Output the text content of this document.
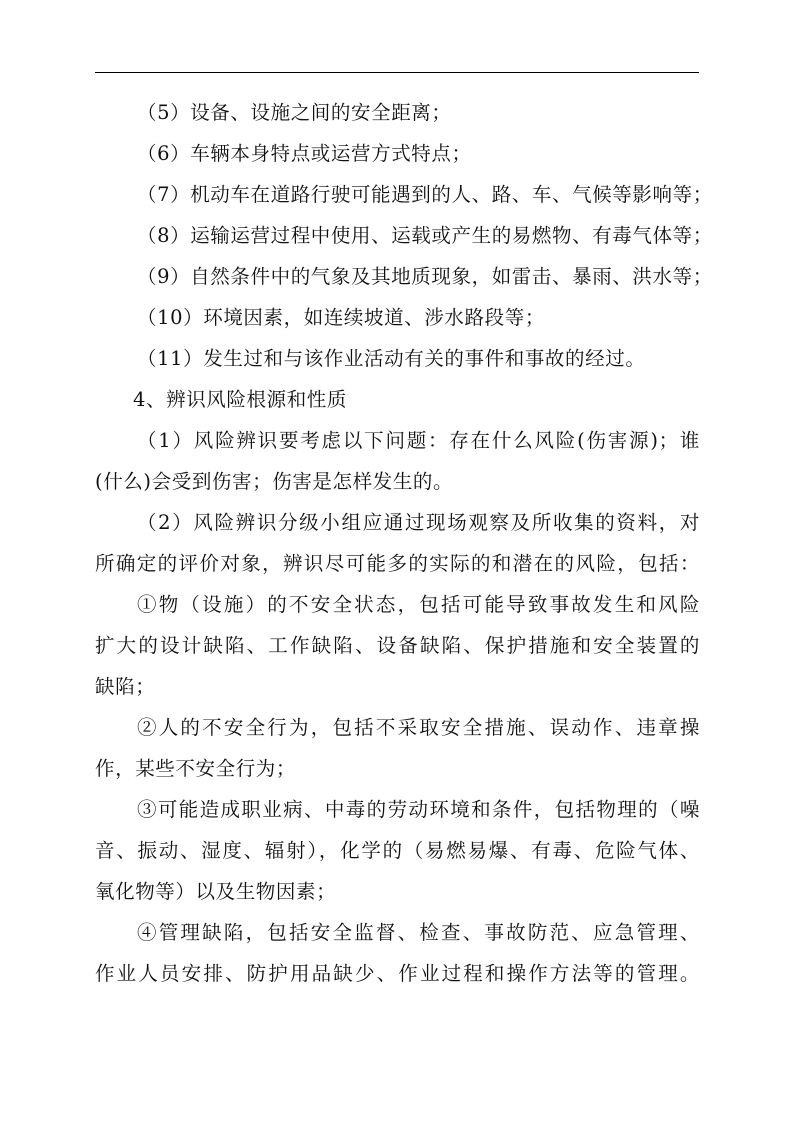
（5）设备、设施之间的安全距离；
（6）车辆本身特点或运营方式特点；
（7）机动车在道路行驶可能遇到的人、路、车、气候等影响等；
（8）运输运营过程中使用、运载或产生的易燃物、有毒气体等；
（9）自然条件中的气象及其地质现象，如雷击、暴雨、洪水等；
（10）环境因素，如连续坡道、涉水路段等；
（11）发生过和与该作业活动有关的事件和事故的经过。
4、辨识风险根源和性质
（1）风险辨识要考虑以下问题：存在什么风险(伤害源)；谁
(什么)会受到伤害；伤害是怎样发生的。
（2）风险辨识分级小组应通过现场观察及所收集的资料，对
所确定的评价对象，辨识尽可能多的实际的和潜在的风险，包括：
①物（设施）的不安全状态，包括可能导致事故发生和风险
扩大的设计缺陷、工作缺陷、设备缺陷、保护措施和安全装置的
缺陷；
②人的不安全行为，包括不采取安全措施、误动作、违章操
作，某些不安全行为；
③可能造成职业病、中毒的劳动环境和条件，包括物理的（噪
音、振动、湿度、辐射），化学的（易燃易爆、有毒、危险气体、
氧化物等）以及生物因素；
④管理缺陷，包括安全监督、检查、事故防范、应急管理、
作业人员安排、防护用品缺少、作业过程和操作方法等的管理。
